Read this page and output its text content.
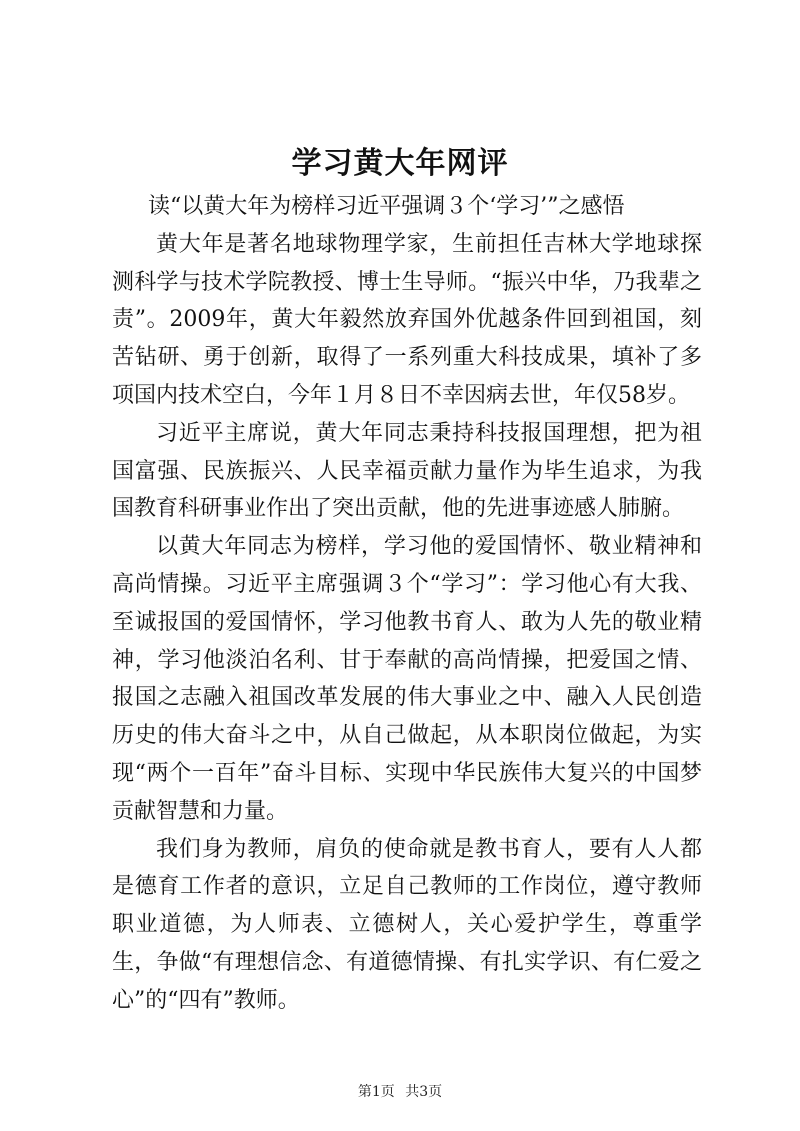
学习黄大年网评

读“以黄大年为榜样习近平强调３个‘学习’”之感悟

黄大年是著名地球物理学家，生前担任吉林大学地球探测科学与技术学院教授、博士生导师。“振兴中华，乃我辈之责”。2009年，黄大年毅然放弃国外优越条件回到祖国，刻苦钻研、勇于创新，取得了一系列重大科技成果，填补了多项国内技术空白，今年１月８日不幸因病去世，年仅58岁。

习近平主席说，黄大年同志秉持科技报国理想，把为祖国富强、民族振兴、人民幸福贡献力量作为毕生追求，为我国教育科研事业作出了突出贡献，他的先进事迹感人肺腑。

以黄大年同志为榜样，学习他的爱国情怀、敬业精神和高尚情操。习近平主席强调３个“学习”：学习他心有大我、至诚报国的爱国情怀，学习他教书育人、敢为人先的敬业精神，学习他淡泊名利、甘于奉献的高尚情操，把爱国之情、报国之志融入祖国改革发展的伟大事业之中、融入人民创造历史的伟大奋斗之中，从自己做起，从本职岗位做起，为实现“两个一百年”奋斗目标、实现中华民族伟大复兴的中国梦贡献智慧和力量。

我们身为教师，肩负的使命就是教书育人，要有人人都是德育工作者的意识，立足自己教师的工作岗位，遵守教师职业道德，为人师表、立德树人，关心爱护学生，尊重学生，争做“有理想信念、有道德情操、有扎实学识、有仁爱之心”的“四有”教师。

第1页 共3页
